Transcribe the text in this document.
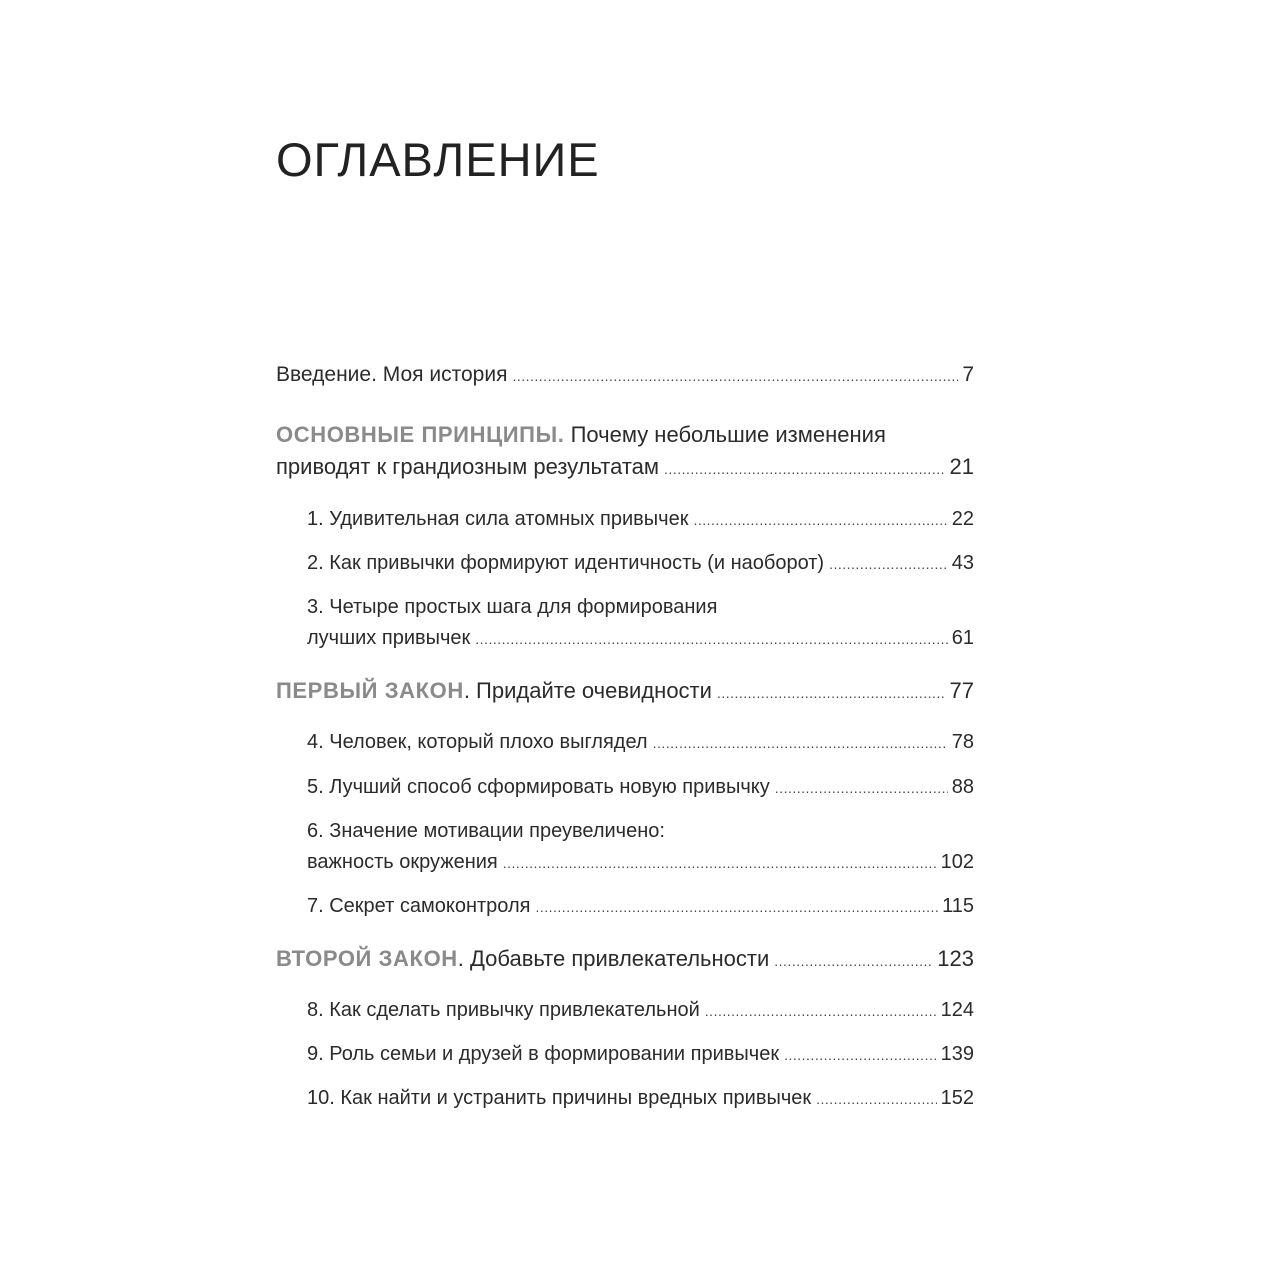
ОГЛАВЛЕНИЕ
Введение. Моя история .....	7
ОСНОВНЫЕ ПРИНЦИПЫ. Почему небольшие изменения
приводят к грандиозным результатам .....	21
1. Удивительная сила атомных привычек .....	22
2. Как привычки формируют идентичность (и наоборот) .....	43
3. Четыре простых шага для формирования
лучших привычек .....	61
ПЕРВЫЙ ЗАКОН. Придайте очевидности .....	77
4. Человек, который плохо выглядел .....	78
5. Лучший способ сформировать новую привычку .....	88
6. Значение мотивации преувеличено:
важность окружения .....	102
7. Секрет самоконтроля .....	115
ВТОРОЙ ЗАКОН. Добавьте привлекательности .....	123
8. Как сделать привычку привлекательной .....	124
9. Роль семьи и друзей в формировании привычек .....	139
10. Как найти и устранить причины вредных привычек .....	152
